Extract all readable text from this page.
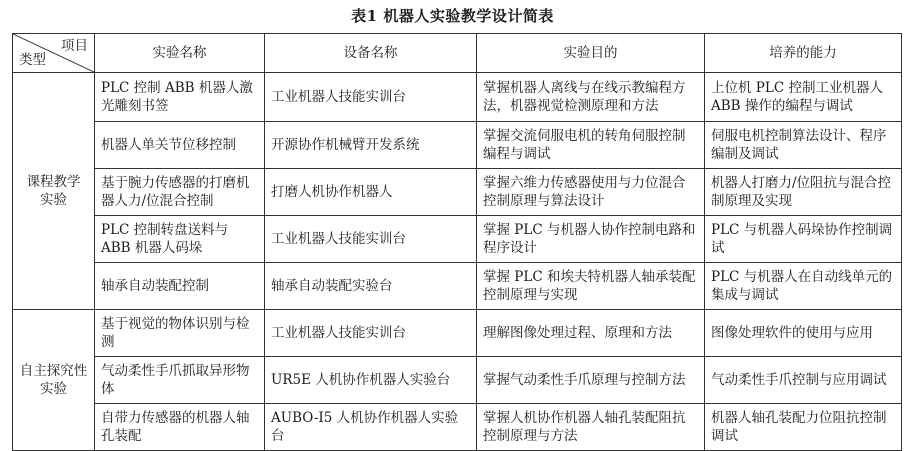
表1 机器人实验教学设计简表
项目
类型	实验名称	设备名称	实验目的	培养的能力

课程教学
实验	PLC 控制 ABB 机器人激光雕刻书签	工业机器人技能实训台	掌握机器人离线与在线示教编程方法，机器视觉检测原理和方法	上位机 PLC 控制工业机器人 ABB 操作的编程与调试
	机器人单关节位移控制	开源协作机械臂开发系统	掌握交流伺服电机的转角伺服控制编程与调试	伺服电机控制算法设计、程序编制及调试
	基于腕力传感器的打磨机器人力/位混合控制	打磨人机协作机器人	掌握六维力传感器使用与力位混合控制原理与算法设计	机器人打磨力/位阻抗与混合控制原理及实现
	PLC 控制转盘送料与 ABB 机器人码垛	工业机器人技能实训台	掌握 PLC 与机器人协作控制电路和程序设计	PLC 与机器人码垛协作控制调试
	轴承自动装配控制	轴承自动装配实验台	掌握 PLC 和埃夫特机器人轴承装配控制原理与实现	PLC 与机器人在自动线单元的集成与调试

自主探究性
实验	基于视觉的物体识别与检测	工业机器人技能实训台	理解图像处理过程、原理和方法	图像处理软件的使用与应用
	气动柔性手爪抓取异形物体	UR5E 人机协作机器人实验台	掌握气动柔性手爪原理与控制方法	气动柔性手爪控制与应用调试
	自带力传感器的机器人轴孔装配	AUBO-I5 人机协作机器人实验台	掌握人机协作机器人轴孔装配阻抗控制原理与方法	机器人轴孔装配力位阻抗控制调试
